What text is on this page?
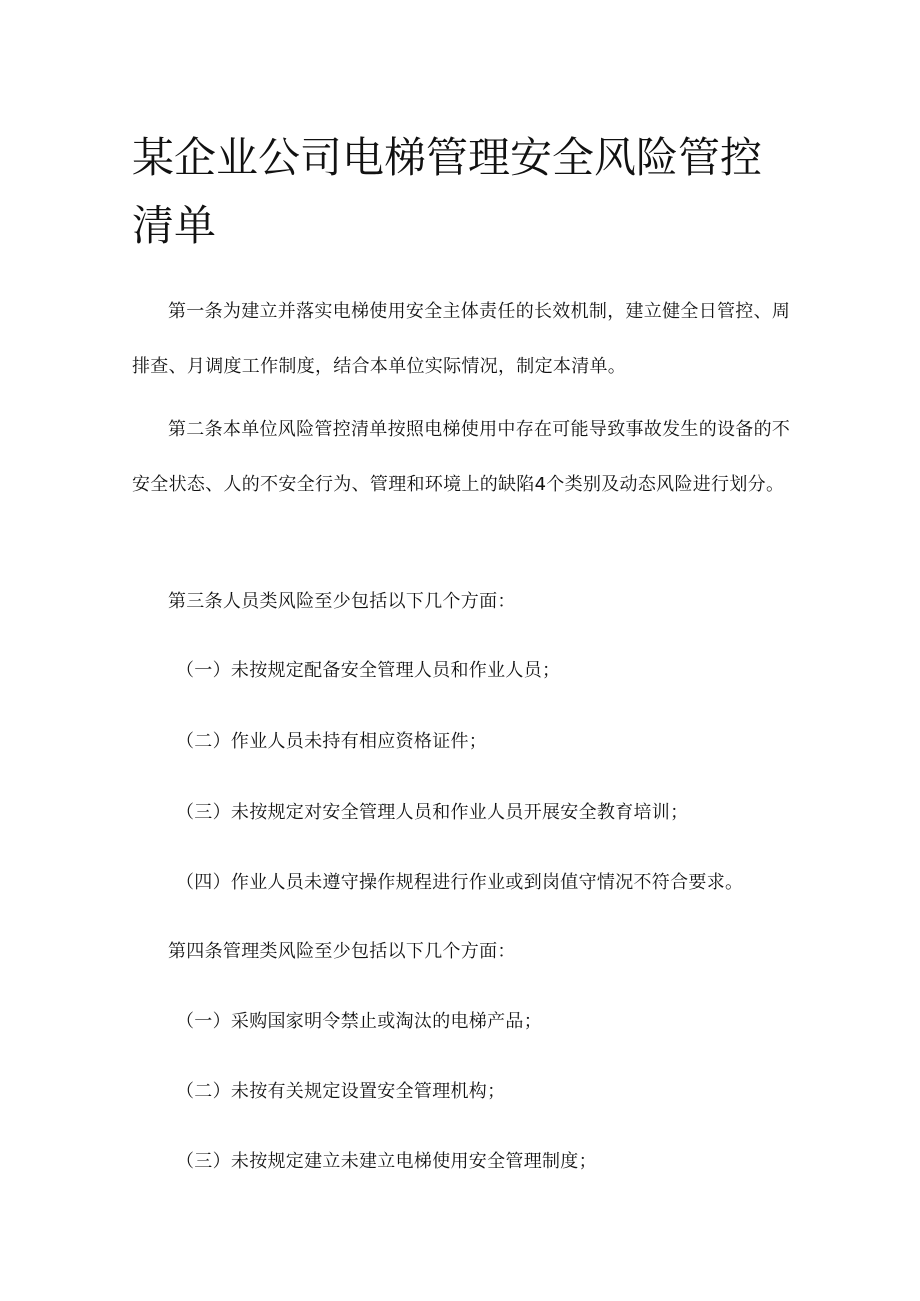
某企业公司电梯管理安全风险管控清单

第一条为建立并落实电梯使用安全主体责任的长效机制，建立健全日管控、周排查、月调度工作制度，结合本单位实际情况，制定本清单。

第二条本单位风险管控清单按照电梯使用中存在可能导致事故发生的设备的不安全状态、人的不安全行为、管理和环境上的缺陷4个类别及动态风险进行划分。

第三条人员类风险至少包括以下几个方面：

（一）未按规定配备安全管理人员和作业人员；

（二）作业人员未持有相应资格证件；

（三）未按规定对安全管理人员和作业人员开展安全教育培训；

（四）作业人员未遵守操作规程进行作业或到岗值守情况不符合要求。

第四条管理类风险至少包括以下几个方面：

（一）采购国家明令禁止或淘汰的电梯产品；

（二）未按有关规定设置安全管理机构；

（三）未按规定建立未建立电梯使用安全管理制度；
